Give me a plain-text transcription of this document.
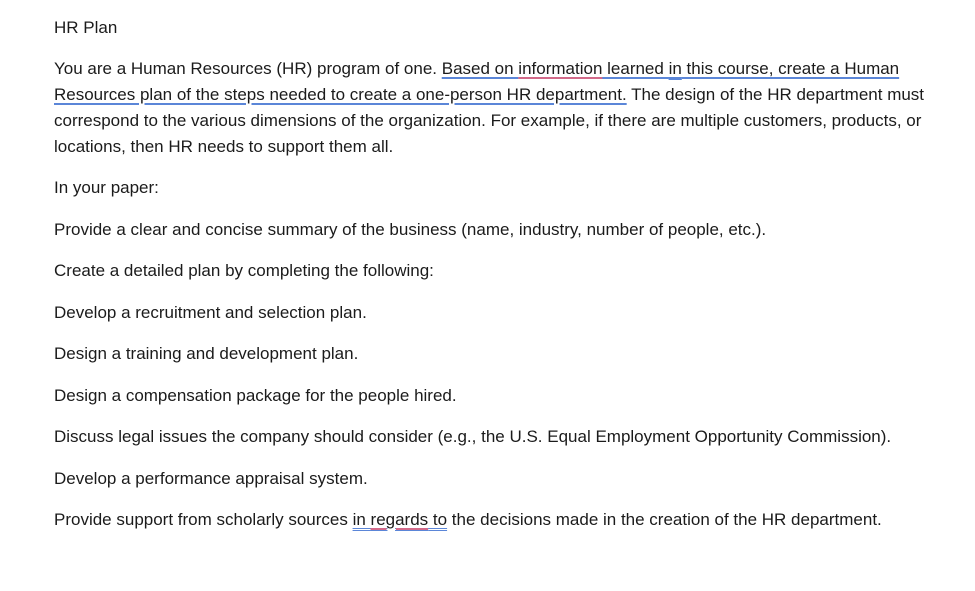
HR Plan

You are a Human Resources (HR) program of one. Based on information learned in this course, create a Human Resources plan of the steps needed to create a one-person HR department. The design of the HR department must correspond to the various dimensions of the organization. For example, if there are multiple customers, products, or locations, then HR needs to support them all.

In your paper:

Provide a clear and concise summary of the business (name, industry, number of people, etc.).

Create a detailed plan by completing the following:

Develop a recruitment and selection plan.

Design a training and development plan.

Design a compensation package for the people hired.

Discuss legal issues the company should consider (e.g., the U.S. Equal Employment Opportunity Commission).

Develop a performance appraisal system.

Provide support from scholarly sources in regards to the decisions made in the creation of the HR department.
